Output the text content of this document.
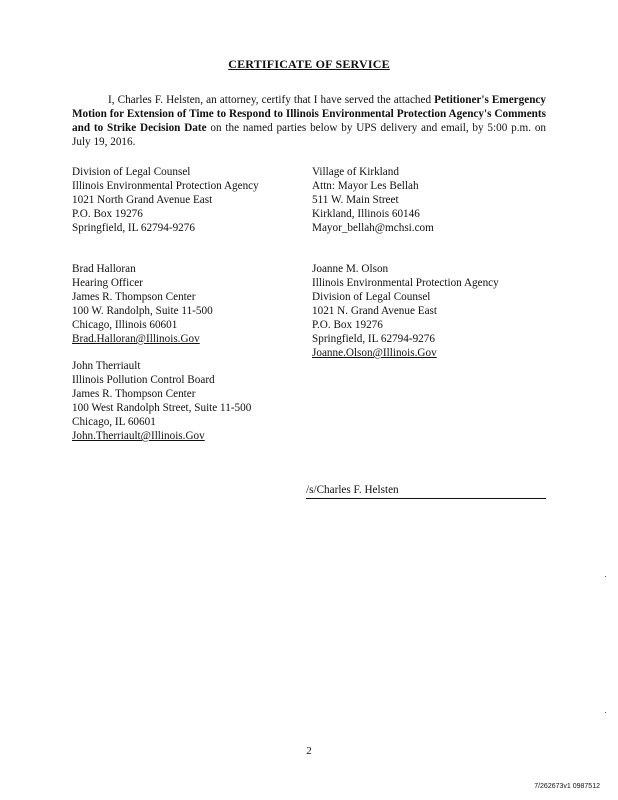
CERTIFICATE OF SERVICE
I, Charles F. Helsten, an attorney, certify that I have served the attached Petitioner's Emergency Motion for Extension of Time to Respond to Illinois Environmental Protection Agency's Comments and to Strike Decision Date on the named parties below by UPS delivery and email, by 5:00 p.m. on July 19, 2016.
Division of Legal Counsel
Illinois Environmental Protection Agency
1021 North Grand Avenue East
P.O. Box 19276
Springfield, IL 62794-9276
Village of Kirkland
Attn: Mayor Les Bellah
511 W. Main Street
Kirkland, Illinois 60146
Mayor_bellah@mchsi.com
Brad Halloran
Hearing Officer
James R. Thompson Center
100 W. Randolph, Suite 11-500
Chicago, Illinois 60601
Brad.Halloran@Illinois.Gov
Joanne M. Olson
Illinois Environmental Protection Agency
Division of Legal Counsel
1021 N. Grand Avenue East
P.O. Box 19276
Springfield, IL 62794-9276
Joanne.Olson@Illinois.Gov
John Therriault
Illinois Pollution Control Board
James R. Thompson Center
100 West Randolph Street, Suite 11-500
Chicago, IL 60601
John.Therriault@Illinois.Gov
/s/Charles F. Helsten
2
7/262673v1 0987512
